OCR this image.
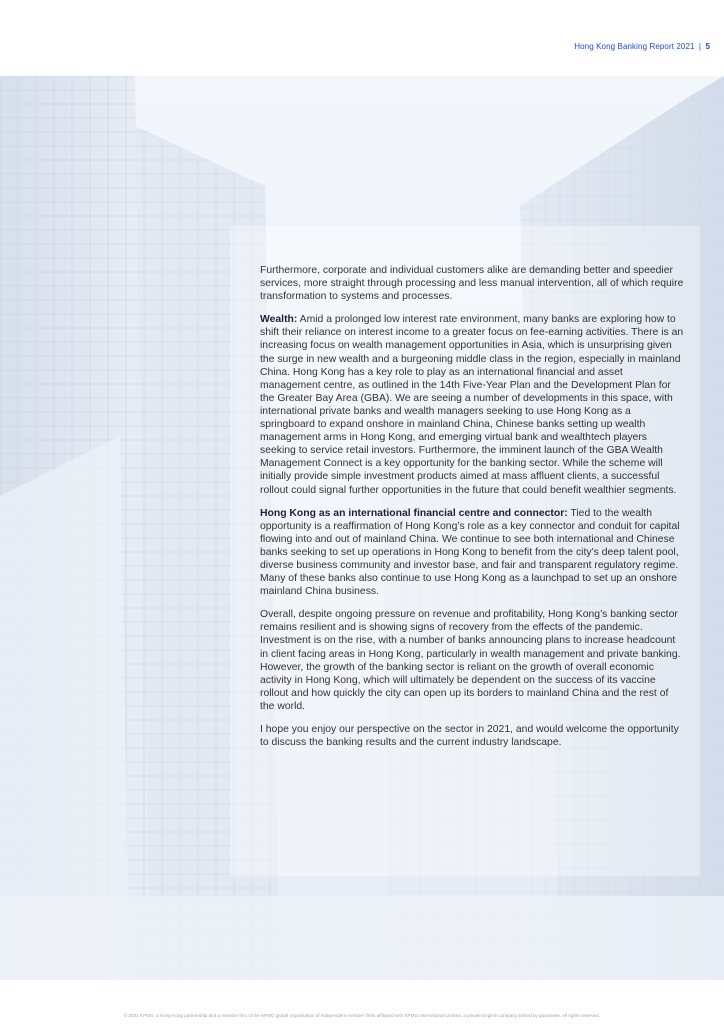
Hong Kong Banking Report 2021 | 5

Furthermore, corporate and individual customers alike are demanding better and speedier services, more straight through processing and less manual intervention, all of which require transformation to systems and processes.

Wealth: Amid a prolonged low interest rate environment, many banks are exploring how to shift their reliance on interest income to a greater focus on fee-earning activities. There is an increasing focus on wealth management opportunities in Asia, which is unsurprising given the surge in new wealth and a burgeoning middle class in the region, especially in mainland China. Hong Kong has a key role to play as an international financial and asset management centre, as outlined in the 14th Five-Year Plan and the Development Plan for the Greater Bay Area (GBA). We are seeing a number of developments in this space, with international private banks and wealth managers seeking to use Hong Kong as a springboard to expand onshore in mainland China, Chinese banks setting up wealth management arms in Hong Kong, and emerging virtual bank and wealthtech players seeking to service retail investors. Furthermore, the imminent launch of the GBA Wealth Management Connect is a key opportunity for the banking sector. While the scheme will initially provide simple investment products aimed at mass affluent clients, a successful rollout could signal further opportunities in the future that could benefit wealthier segments.

Hong Kong as an international financial centre and connector: Tied to the wealth opportunity is a reaffirmation of Hong Kong’s role as a key connector and conduit for capital flowing into and out of mainland China. We continue to see both international and Chinese banks seeking to set up operations in Hong Kong to benefit from the city’s deep talent pool, diverse business community and investor base, and fair and transparent regulatory regime. Many of these banks also continue to use Hong Kong as a launchpad to set up an onshore mainland China business.

Overall, despite ongoing pressure on revenue and profitability, Hong Kong’s banking sector remains resilient and is showing signs of recovery from the effects of the pandemic. Investment is on the rise, with a number of banks announcing plans to increase headcount in client facing areas in Hong Kong, particularly in wealth management and private banking. However, the growth of the banking sector is reliant on the growth of overall economic activity in Hong Kong, which will ultimately be dependent on the success of its vaccine rollout and how quickly the city can open up its borders to mainland China and the rest of the world.

I hope you enjoy our perspective on the sector in 2021, and would welcome the opportunity to discuss the banking results and the current industry landscape.

© 2021 KPMG, a Hong Kong partnership and a member firm of the KPMG global organisation of independent member firms affiliated with KPMG International Limited, a private English company limited by guarantee. All rights reserved.
